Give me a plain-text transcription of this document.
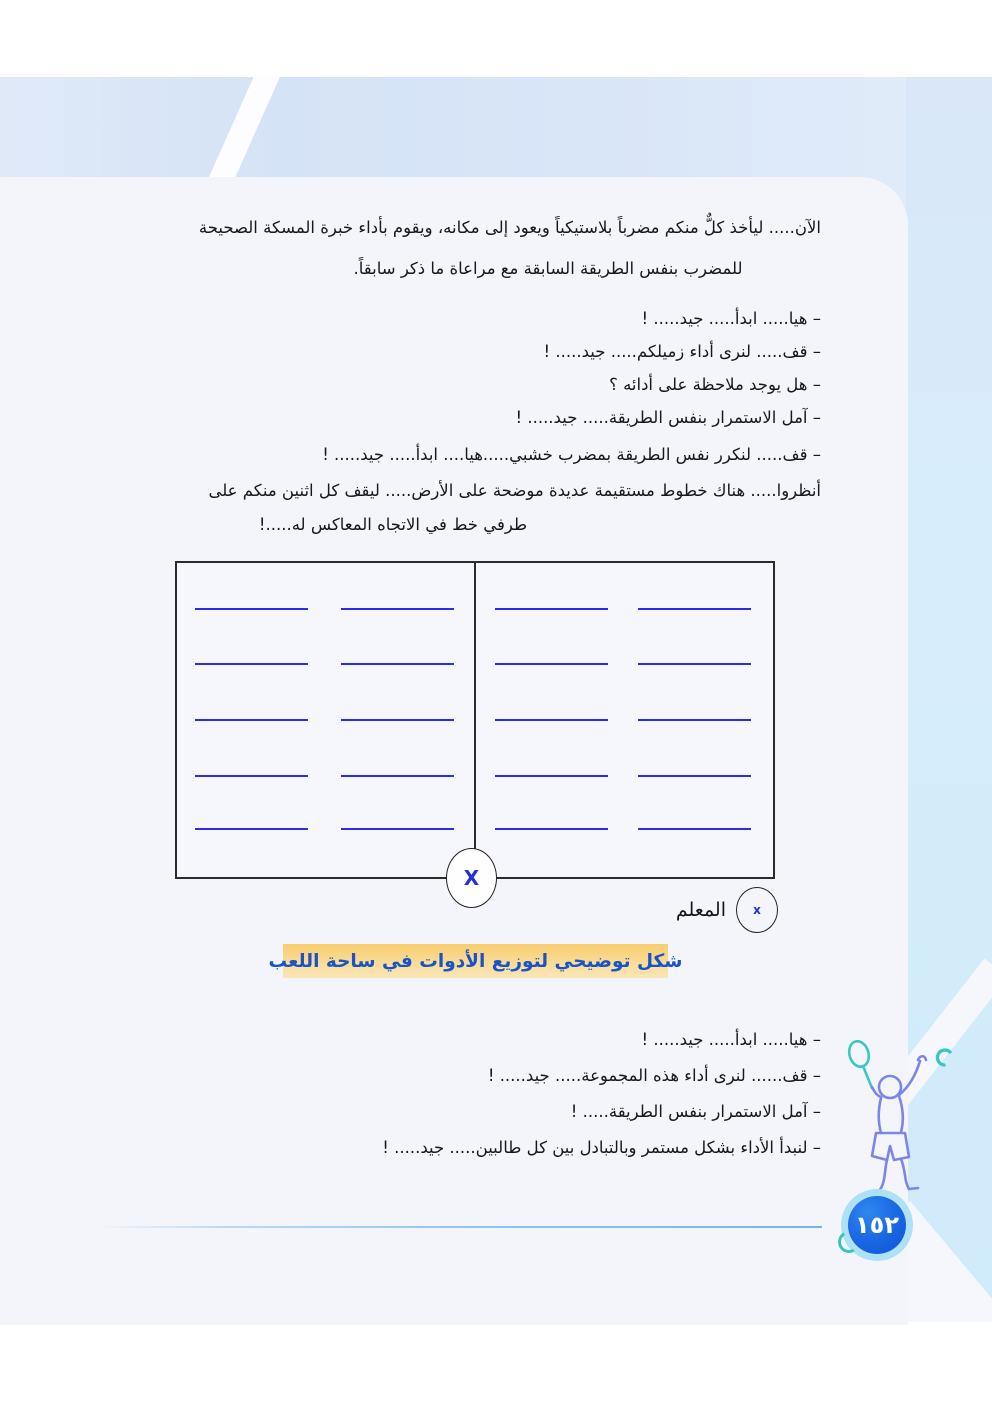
الآن..... ليأخذ كلٌّ منكم مضرباً بلاستيكياً ويعود إلى مكانه، ويقوم بأداء خبرة المسكة الصحيحة
للمضرب بنفس الطريقة السابقة مع مراعاة ما ذكر سابقاً.
– هيا..... ابدأ..... جيد..... !
– قف..... لنرى أداء زميلكم..... جيد..... !
– هل يوجد ملاحظة على أدائه ؟
– آمل الاستمرار بنفس الطريقة..... جيد..... !
– قف..... لنكرر نفس الطريقة بمضرب خشبي.....هيا.... ابدأ..... جيد..... !
أنظروا..... هناك خطوط مستقيمة عديدة موضحة على الأرض..... ليقف كل اثنين منكم على
طرفي خط في الاتجاه المعاكس له.....!
X
x
المعلم
شكل توضيحي لتوزيع الأدوات في ساحة اللعب
– هيا..... ابدأ..... جيد..... !
– قف...... لنرى أداء هذه المجموعة..... جيد..... !
– آمل الاستمرار بنفس الطريقة..... !
– لنبدأ الأداء بشكل مستمر وبالتبادل بين كل طالبين..... جيد..... !
١٥٢
